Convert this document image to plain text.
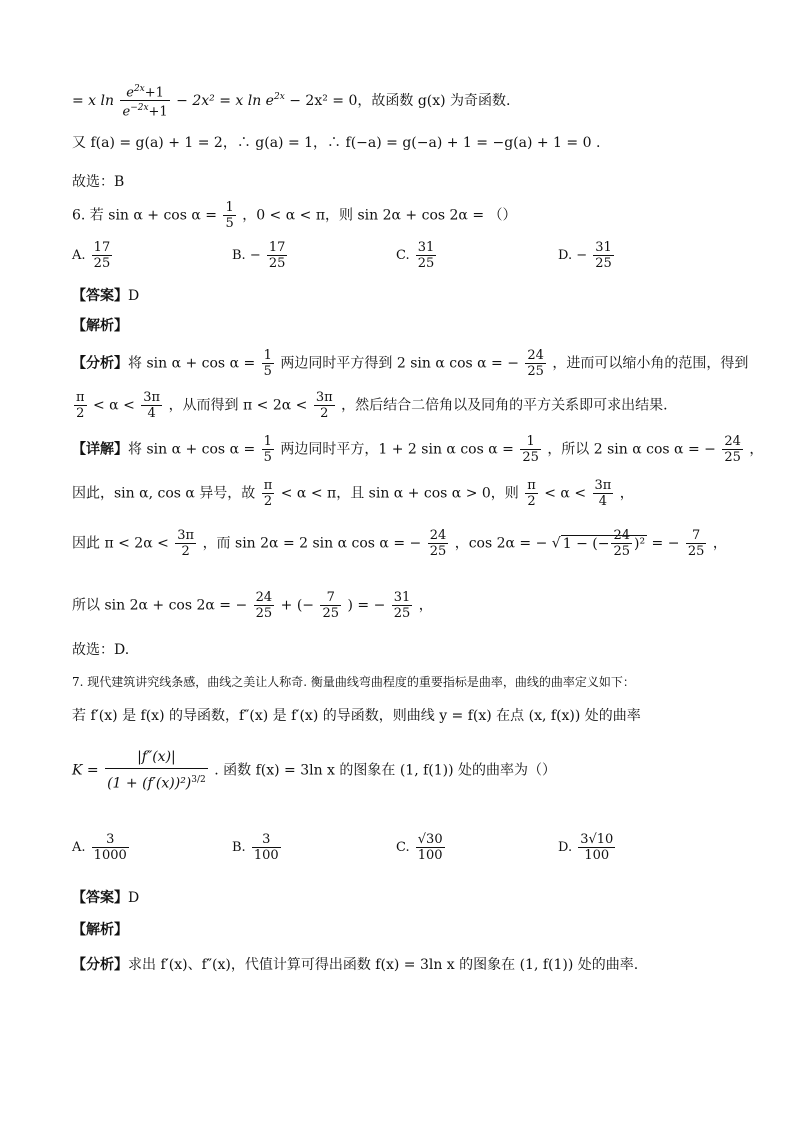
= x $\ln \frac{e^{2x}+1}{e^{-2x}+1} - 2x^2 = x$ $\ln e^{2x} - 2x^2 = 0$，故函数 g(x) 为奇函数.
又 f(a) = g(a) + 1 = 2，∴ g(a) = 1，∴ f(−a) = g(−a) + 1 = −g(a) + 1 = 0 .
故选：B
6. 若 $\sin \alpha + \cos \alpha = \frac{1}{5}$ ，0 < α < π，则 sin 2α + cos 2α = （）
A. $\frac{17}{25}$	B. − $\frac{17}{25}$	C. $\frac{31}{25}$	D. − $\frac{31}{25}$
【答案】D
【解析】
【分析】将 $\sin \alpha + \cos \alpha = \frac{1}{5}$ 两边同时平方得到 2 sin α cos α = − $\frac{24}{25}$ ，进而可以缩小角的范围，得到
$\frac{\pi}{2} < \alpha < \frac{3\pi}{4}$ ，从而得到 $\pi < 2\alpha < \frac{3\pi}{2}$ ，然后结合二倍角以及同角的平方关系即可求出结果.
【详解】将 $\sin \alpha + \cos \alpha = \frac{1}{5}$ 两边同时平方，1 + 2 sin α $\cos \alpha = \frac{1}{25}$ ，所以 2 sin α cos α = − $\frac{24}{25}$ ，
因此，sin α, cos α 异号，故 $\frac{\pi}{2} < \alpha < \pi$，且 sin α + cos α > 0，则 $\frac{\pi}{2} < \alpha < \frac{3\pi}{4}$ ，
因此 $\pi < 2\alpha < \frac{3\pi}{2}$ ，而 sin 2α = 2 sin α cos α = − $\frac{24}{25}$ ，cos 2α = − √ 1 − (− $\frac{24}{25} )^2$ = − $\frac{7}{25}$ ，
所以 sin 2α + cos 2α = − $\frac{24}{25}$ + (− $\frac{7}{25}$ ) = − $\frac{31}{25}$ ，
故选：D.
7. 现代建筑讲究线条感，曲线之美让人称奇. 衡量曲线弯曲程度的重要指标是曲率，曲线的曲率定义如下：
若 f′(x) 是 f(x) 的导函数，f″(x) 是 f′(x) 的导函数，则曲线 y = f(x) 在点 (x, f(x)) 处的曲率
$K = \frac{|f''(x)|}{(1 + (f'(x))^2)^{3/2}}$ . 函数 f(x) = 3ln x 的图象在 (1, f(1)) 处的曲率为（）
A. $\frac{3}{1000}$	B. $\frac{3}{100}$	C. $\frac{√30}{100}$	D. $\frac{3√10}{100}$
【答案】D
【解析】
【分析】求出 f′(x)、f″(x)，代值计算可得出函数 f(x) = 3ln x 的图象在 (1, f(1)) 处的曲率.
